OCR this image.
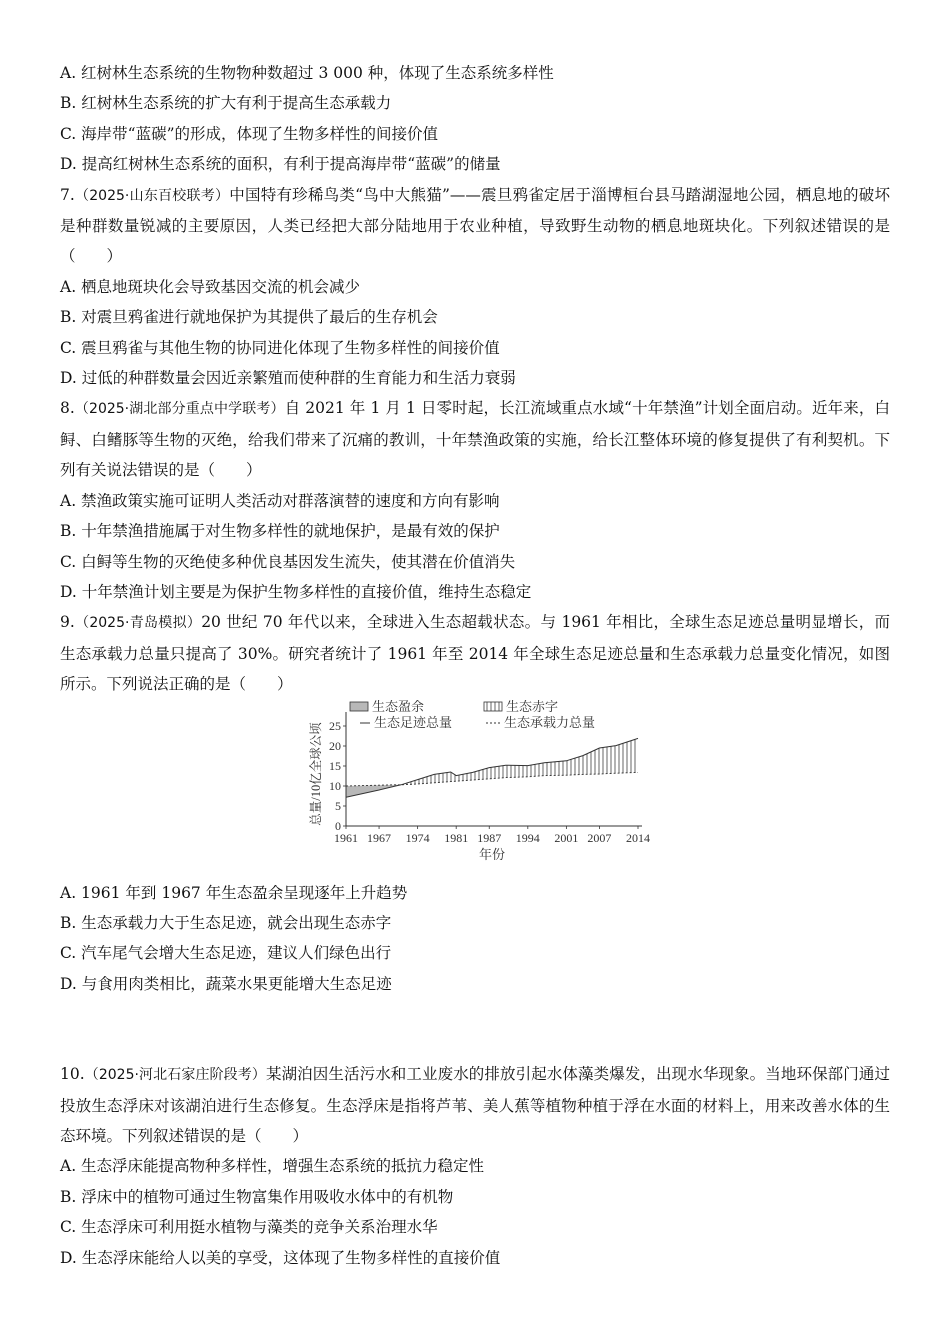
A. 红树林生态系统的生物物种数超过 3 000 种，体现了生态系统多样性
B. 红树林生态系统的扩大有利于提高生态承载力
C. 海岸带“蓝碳”的形成，体现了生物多样性的间接价值
D. 提高红树林生态系统的面积，有利于提高海岸带“蓝碳”的储量
7.（2025·山东百校联考）中国特有珍稀鸟类“鸟中大熊猫”——震旦鸦雀定居于淄博桓台县马踏湖湿地公园，栖息地的破坏是种群数量锐减的主要原因，人类已经把大部分陆地用于农业种植，导致野生动物的栖息地斑块化。下列叙述错误的是（　　）
A. 栖息地斑块化会导致基因交流的机会减少
B. 对震旦鸦雀进行就地保护为其提供了最后的生存机会
C. 震旦鸦雀与其他生物的协同进化体现了生物多样性的间接价值
D. 过低的种群数量会因近亲繁殖而使种群的生育能力和生活力衰弱
8.（2025·湖北部分重点中学联考）自 2021 年 1 月 1 日零时起，长江流域重点水域“十年禁渔”计划全面启动。近年来，白鲟、白鳍豚等生物的灭绝，给我们带来了沉痛的教训，十年禁渔政策的实施，给长江整体环境的修复提供了有利契机。下列有关说法错误的是（　　）
A. 禁渔政策实施可证明人类活动对群落演替的速度和方向有影响
B. 十年禁渔措施属于对生物多样性的就地保护，是最有效的保护
C. 白鲟等生物的灭绝使多种优良基因发生流失，使其潜在价值消失
D. 十年禁渔计划主要是为保护生物多样性的直接价值，维持生态稳定
9.（2025·青岛模拟）20 世纪 70 年代以来，全球进入生态超载状态。与 1961 年相比，全球生态足迹总量明显增长，而生态承载力总量只提高了 30%。研究者统计了 1961 年至 2014 年全球生态足迹总量和生态承载力总量变化情况，如图所示。下列说法正确的是（　　）
生态盈余	生态赤字
生态足迹总量	生态承载力总量
0
5
10
15
20
25
1961 1967 1974 1981 1987 1994 2001 2007 2014
总量/10亿全球公顷
年份
A. 1961 年到 1967 年生态盈余呈现逐年上升趋势
B. 生态承载力大于生态足迹，就会出现生态赤字
C. 汽车尾气会增大生态足迹，建议人们绿色出行
D. 与食用肉类相比，蔬菜水果更能增大生态足迹
10.（2025·河北石家庄阶段考）某湖泊因生活污水和工业废水的排放引起水体藻类爆发，出现水华现象。当地环保部门通过投放生态浮床对该湖泊进行生态修复。生态浮床是指将芦苇、美人蕉等植物种植于浮在水面的材料上，用来改善水体的生态环境。下列叙述错误的是（　　）
A. 生态浮床能提高物种多样性，增强生态系统的抵抗力稳定性
B. 浮床中的植物可通过生物富集作用吸收水体中的有机物
C. 生态浮床可利用挺水植物与藻类的竞争关系治理水华
D. 生态浮床能给人以美的享受，这体现了生物多样性的直接价值
